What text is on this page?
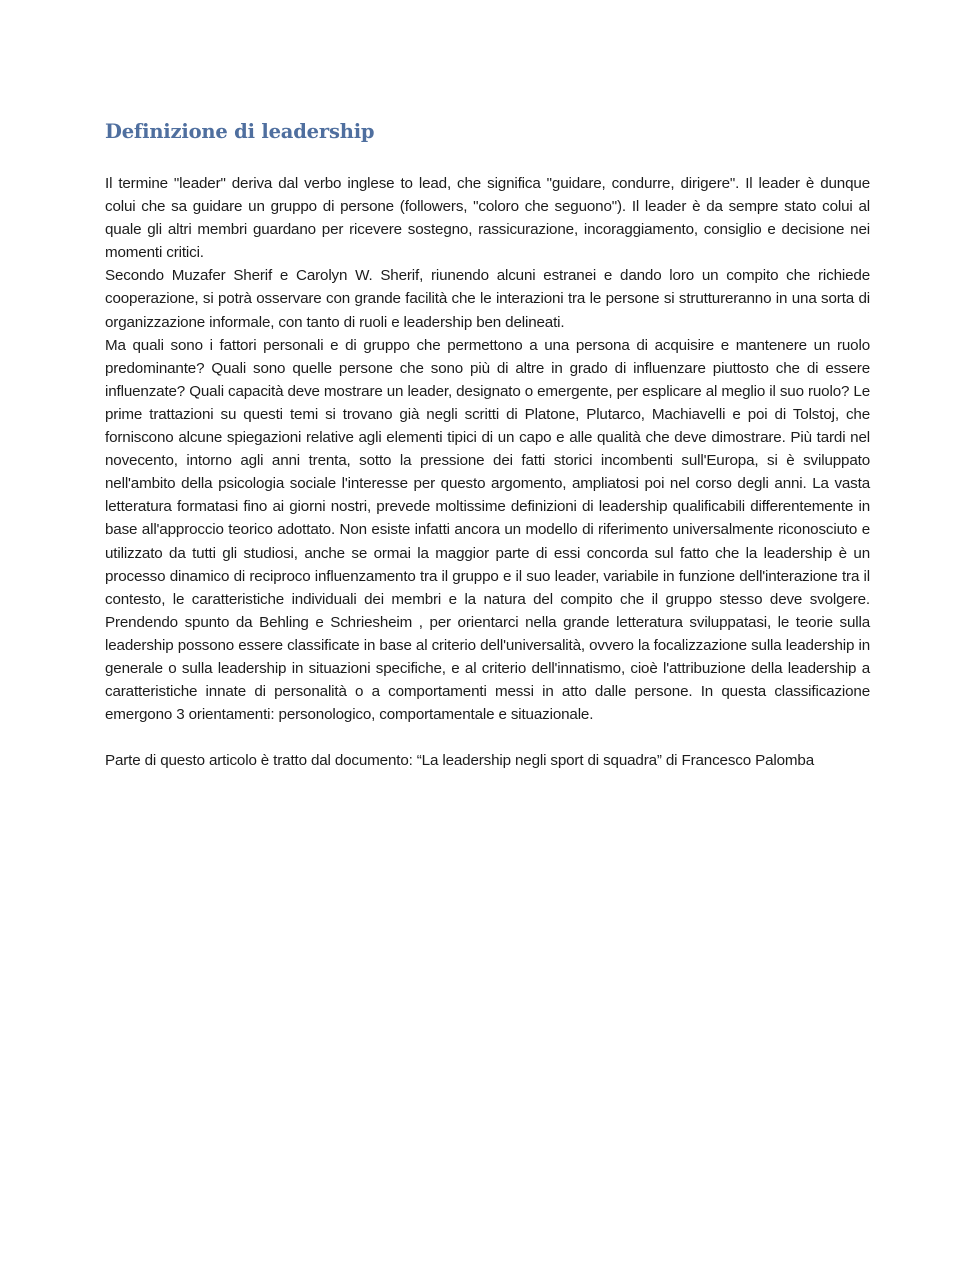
Definizione di leadership

Il termine "leader" deriva dal verbo inglese to lead, che significa "guidare, condurre, dirigere". Il leader è dunque colui che sa guidare un gruppo di persone (followers, "coloro che seguono"). Il leader è da sempre stato colui al quale gli altri membri guardano per ricevere sostegno, rassicurazione, incoraggiamento, consiglio e decisione nei momenti critici.

Secondo Muzafer Sherif e Carolyn W. Sherif, riunendo alcuni estranei e dando loro un compito che richiede cooperazione, si potrà osservare con grande facilità che le interazioni tra le persone si struttureranno in una sorta di organizzazione informale, con tanto di ruoli e leadership ben delineati.

Ma quali sono i fattori personali e di gruppo che permettono a una persona di acquisire e mantenere un ruolo predominante? Quali sono quelle persone che sono più di altre in grado di influenzare piuttosto che di essere influenzate? Quali capacità deve mostrare un leader, designato o emergente, per esplicare al meglio il suo ruolo? Le prime trattazioni su questi temi si trovano già negli scritti di Platone, Plutarco, Machiavelli e poi di Tolstoj, che forniscono alcune spiegazioni relative agli elementi tipici di un capo e alle qualità che deve dimostrare. Più tardi nel novecento, intorno agli anni trenta, sotto la pressione dei fatti storici incombenti sull'Europa, si è sviluppato nell'ambito della psicologia sociale l'interesse per questo argomento, ampliatosi poi nel corso degli anni. La vasta letteratura formatasi fino ai giorni nostri, prevede moltissime definizioni di leadership qualificabili differentemente in base all'approccio teorico adottato. Non esiste infatti ancora un modello di riferimento universalmente riconosciuto e utilizzato da tutti gli studiosi, anche se ormai la maggior parte di essi concorda sul fatto che la leadership è un processo dinamico di reciproco influenzamento tra il gruppo e il suo leader, variabile in funzione dell'interazione tra il contesto, le caratteristiche individuali dei membri e la natura del compito che il gruppo stesso deve svolgere. Prendendo spunto da Behling e Schriesheim , per orientarci nella grande letteratura sviluppatasi, le teorie sulla leadership possono essere classificate in base al criterio dell'universalità, ovvero la focalizzazione sulla leadership in generale o sulla leadership in situazioni specifiche, e al criterio dell'innatismo, cioè l'attribuzione della leadership a caratteristiche innate di personalità o a comportamenti messi in atto dalle persone. In questa classificazione emergono 3 orientamenti: personologico, comportamentale e situazionale.

Parte di questo articolo è tratto dal documento: “La leadership negli sport di squadra” di Francesco Palomba
